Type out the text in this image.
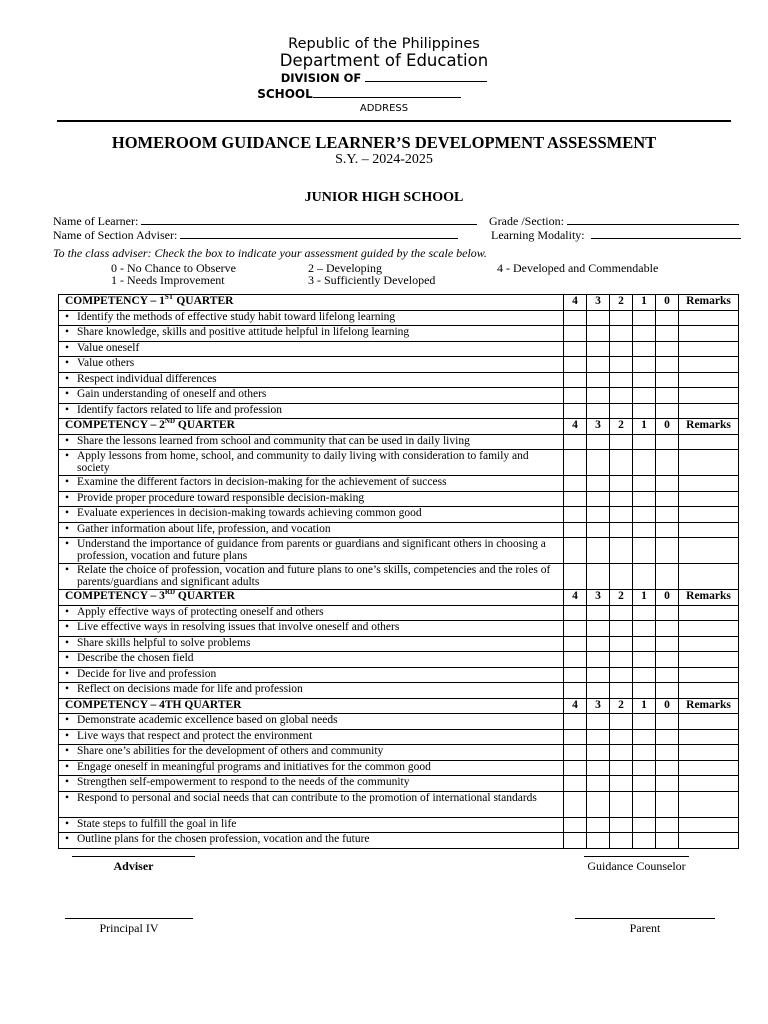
Republic of the Philippines
Department of Education
DIVISION OF
SCHOOL
ADDRESS
HOMEROOM GUIDANCE LEARNER’S DEVELOPMENT ASSESSMENT
S.Y. – 2024-2025
JUNIOR HIGH SCHOOL
Name of Learner:	Grade /Section:
Name of Section Adviser:	Learning Modality:
To the class adviser: Check the box to indicate your assessment guided by the scale below.
0 - No Chance to Observe
1 - Needs Improvement
2 – Developing
3 - Sufficiently Developed
4 - Developed and Commendable
COMPETENCY – 1ST QUARTER	4	3	2	1	0	Remarks

• Identify the methods of effective study habit toward lifelong learning						

• Share knowledge, skills and positive attitude helpful in lifelong learning						

• Value oneself						

• Value others						

• Respect individual differences						

• Gain understanding of oneself and others						

• Identify factors related to life and profession						
COMPETENCY – 2ND QUARTER	4	3	2	1	0	Remarks

• Share the lessons learned from school and community that can be used in daily living						

• Apply lessons from home, school, and community to daily living with consideration to family and society						

• Examine the different factors in decision-making for the achievement of success						

• Provide proper procedure toward responsible decision-making						

• Evaluate experiences in decision-making towards achieving common good						

• Gather information about life, profession, and vocation						

• Understand the importance of guidance from parents or guardians and significant others in choosing a profession, vocation and future plans						

• Relate the choice of profession, vocation and future plans to one’s skills, competencies and the roles of parents/guardians and significant adults						
COMPETENCY – 3RD QUARTER	4	3	2	1	0	Remarks

• Apply effective ways of protecting oneself and others						

• Live effective ways in resolving issues that involve oneself and others						

• Share skills helpful to solve problems						

• Describe the chosen field						

• Decide for live and profession						

• Reflect on decisions made for life and profession						
COMPETENCY – 4TH QUARTER	4	3	2	1	0	Remarks

• Demonstrate academic excellence based on global needs						

• Live ways that respect and protect the environment						

• Share one’s abilities for the development of others and community						

• Engage oneself in meaningful programs and initiatives for the common good						

• Strengthen self-empowerment to respond to the needs of the community						

• Respond to personal and social needs that can contribute to the promotion of international standards						

• State steps to fulfill the goal in life						

• Outline plans for the chosen profession, vocation and the future						
Adviser	Guidance Counselor
Principal IV	Parent
